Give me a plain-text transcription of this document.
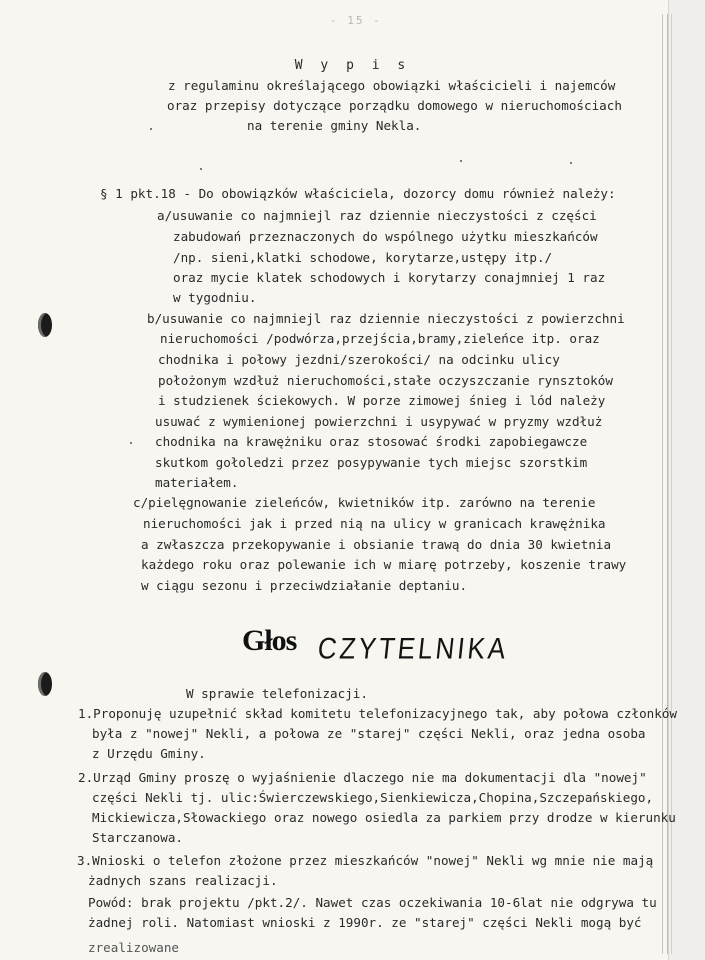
- 15 -
W y p i s
z regulaminu określającego obowiązki właścicieli i najemców
oraz przepisy dotyczące porządku domowego w nieruchomościach
na terenie gminy Nekla.
§ 1 pkt.18 - Do obowiązków właściciela, dozorcy domu również należy:
a/usuwanie co najmniejl raz dziennie nieczystości z części
zabudowań przeznaczonych do wspólnego użytku mieszkańców
/np. sieni,klatki schodowe, korytarze,ustępy itp./
oraz mycie klatek schodowych i korytarzy conajmniej 1 raz
w tygodniu.
b/usuwanie co najmniejl raz dziennie nieczystości z powierzchni
nieruchomości /podwórza,przejścia,bramy,zieleńce itp. oraz
chodnika i połowy jezdni/szerokości/ na odcinku ulicy
położonym wzdłuż nieruchomości,stałe oczyszczanie rynsztoków
i studzienek ściekowych. W porze zimowej śnieg i lód należy
usuwać z wymienionej powierzchni i usypywać w pryzmy wzdłuż
chodnika na krawężniku oraz stosować środki zapobiegawcze
skutkom gołoledzi przez posypywanie tych miejsc szorstkim
materiałem.
c/pielęgnowanie zieleńców, kwietników itp. zarówno na terenie
nieruchomości jak i przed nią na ulicy w granicach krawężnika
a zwłaszcza przekopywanie i obsianie trawą do dnia 30 kwietnia
każdego roku oraz polewanie ich w miarę potrzeby, koszenie trawy
w ciągu sezonu i przeciwdziałanie deptaniu.
Głos CZYTELNIKA
W sprawie telefonizacji.
1.Proponuję uzupełnić skład komitetu telefonizacyjnego tak, aby połowa członków
była z "nowej" Nekli, a połowa ze "starej" części Nekli, oraz jedna osoba
z Urzędu Gminy.
2.Urząd Gminy proszę o wyjaśnienie dlaczego nie ma dokumentacji dla "nowej"
części Nekli tj. ulic:Świerczewskiego,Sienkiewicza,Chopina,Szczepańskiego,
Mickiewicza,Słowackiego oraz nowego osiedla za parkiem przy drodze w kierunku
Starczanowa.
3.Wnioski o telefon złożone przez mieszkańców "nowej" Nekli wg mnie nie mają
żadnych szans realizacji.
Powód: brak projektu /pkt.2/. Nawet czas oczekiwania 10-6lat nie odgrywa tu
żadnej roli. Natomiast wnioski z 1990r. ze "starej" części Nekli mogą być
zrealizowane
